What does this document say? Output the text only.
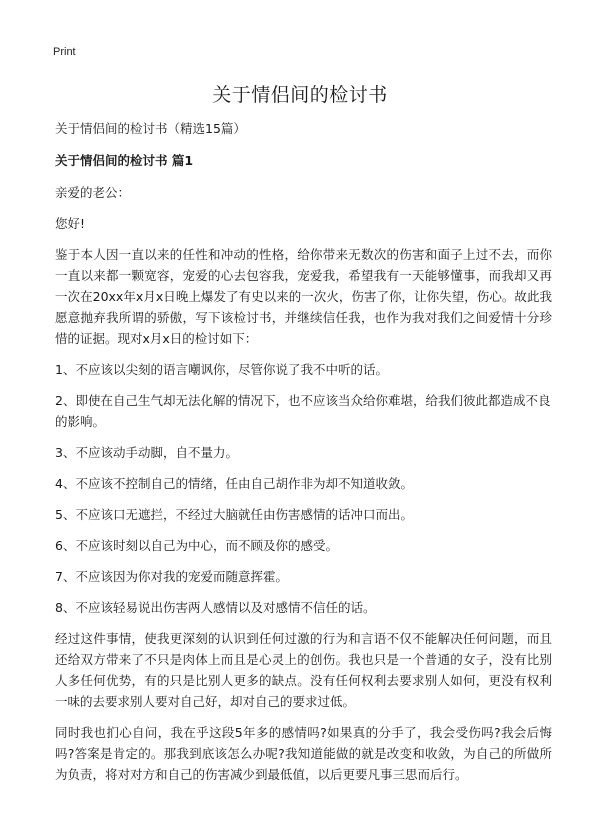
Print
关于情侣间的检讨书

关于情侣间的检讨书（精选15篇）

关于情侣间的检讨书 篇1

亲爱的老公：

您好!

鉴于本人因一直以来的任性和冲动的性格，给你带来无数次的伤害和面子上过不去，而你一直以来都一颗宽容，宠爱的心去包容我，宠爱我，希望我有一天能够懂事，而我却又再一次在20xx年x月x日晚上爆发了有史以来的一次火，伤害了你，让你失望，伤心。故此我愿意抛弃我所谓的骄傲，写下该检讨书，并继续信任我，也作为我对我们之间爱情十分珍惜的证据。现对x月x日的检讨如下：

1、不应该以尖刻的语言嘲讽你，尽管你说了我不中听的话。

2、即使在自己生气却无法化解的情况下，也不应该当众给你难堪，给我们彼此都造成不良的影响。

3、不应该动手动脚，自不量力。

4、不应该不控制自己的情绪，任由自己胡作非为却不知道收敛。

5、不应该口无遮拦，不经过大脑就任由伤害感情的话冲口而出。

6、不应该时刻以自己为中心，而不顾及你的感受。

7、不应该因为你对我的宠爱而随意挥霍。

8、不应该轻易说出伤害两人感情以及对感情不信任的话。

经过这件事情，使我更深刻的认识到任何过激的行为和言语不仅不能解决任何问题，而且还给双方带来了不只是肉体上而且是心灵上的创伤。我也只是一个普通的女子，没有比别人多任何优势，有的只是比别人更多的缺点。没有任何权利去要求别人如何，更没有权利一味的去要求别人要对自己好，却对自己的要求过低。

同时我也扪心自问，我在乎这段5年多的感情吗?如果真的分手了，我会受伤吗?我会后悔吗?答案是肯定的。那我到底该怎么办呢?我知道能做的就是改变和收敛，为自己的所做所为负责，将对对方和自己的伤害减少到最低值，以后更要凡事三思而后行。
